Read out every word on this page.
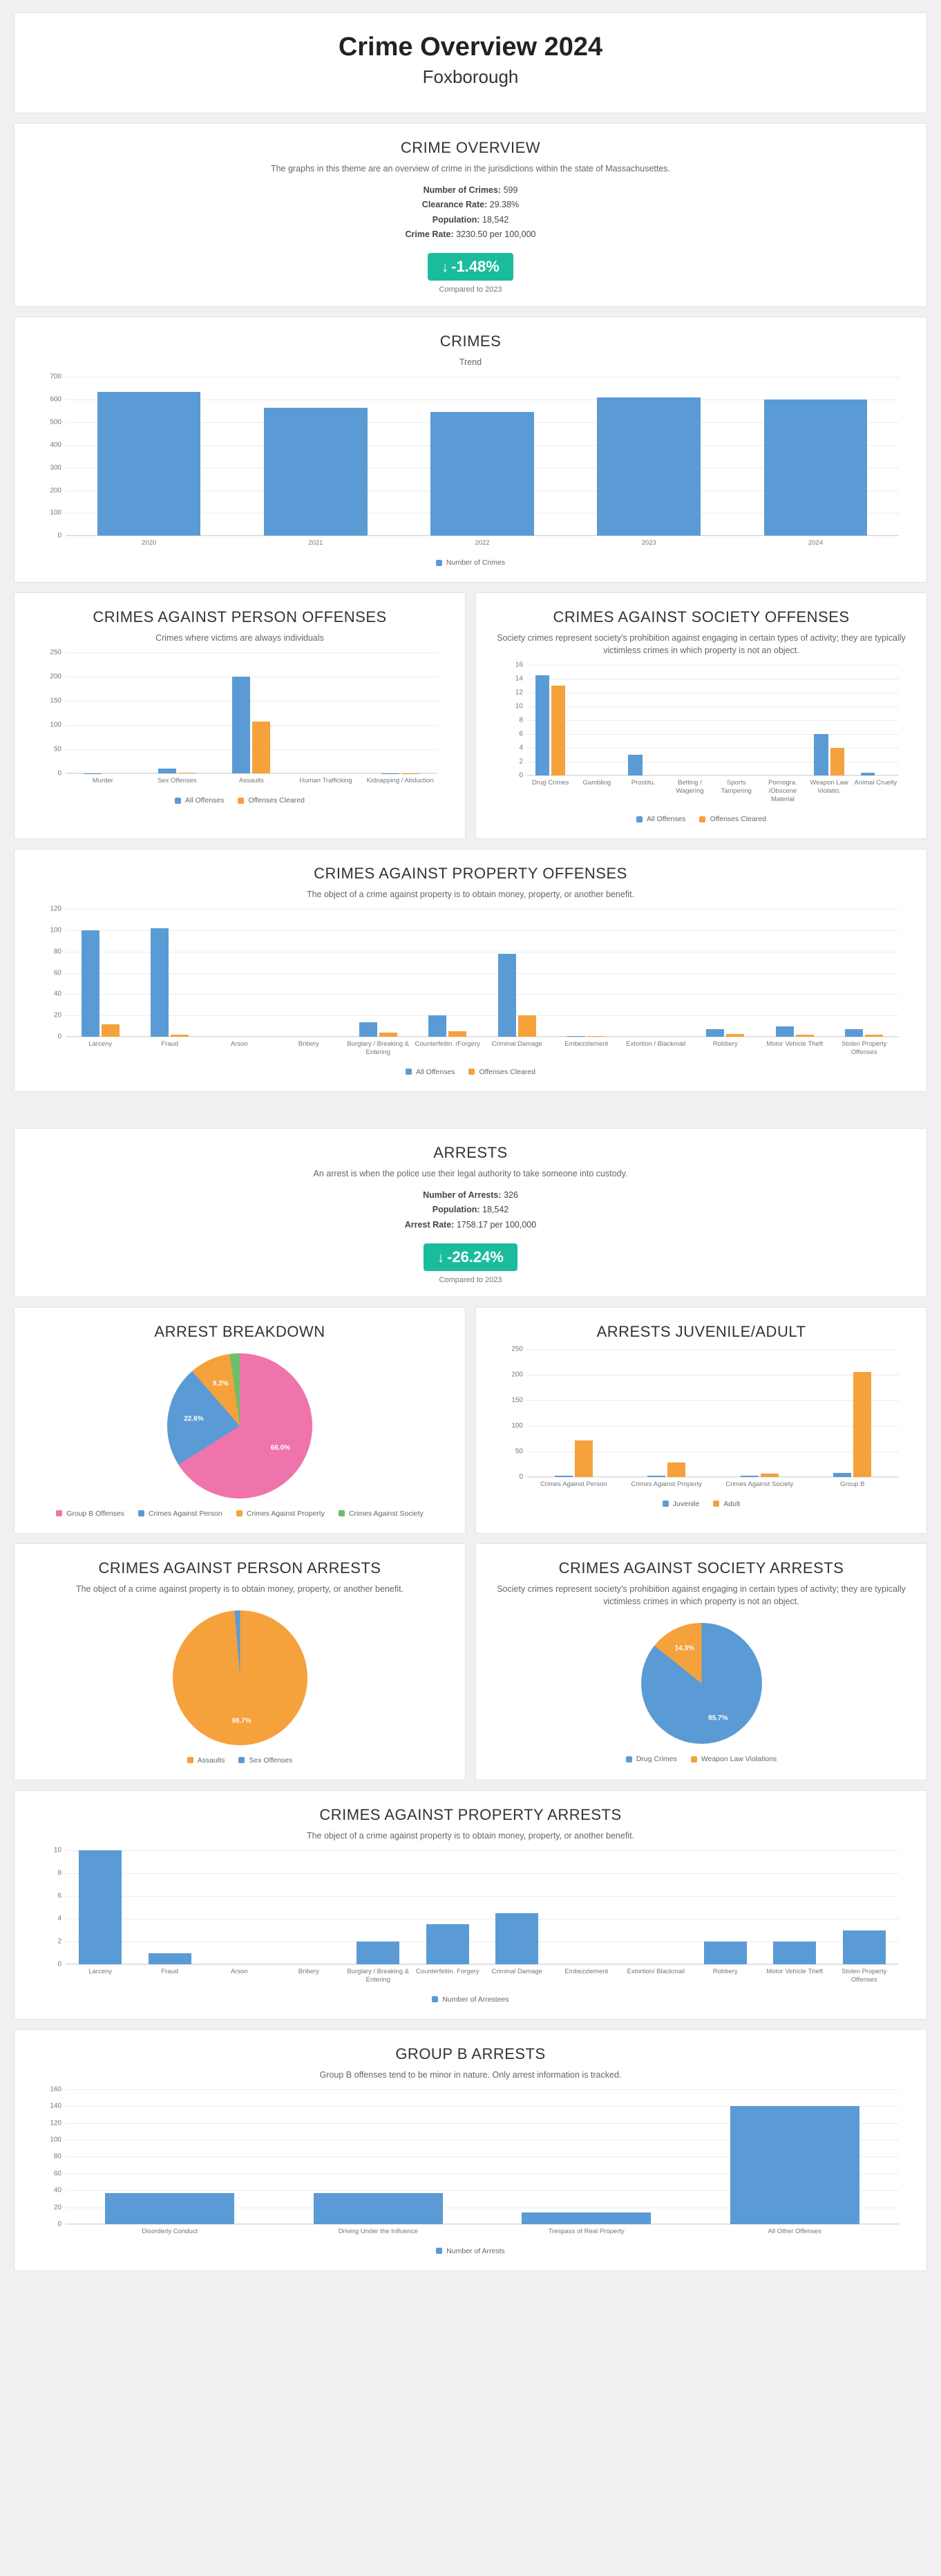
Crime Overview 2024
Foxborough
CRIME OVERVIEW
The graphs in this theme are an overview of crime in the jurisdictions within the state of Massachusettes.
Number of Crimes: 599
Clearance Rate: 29.38%
Population: 18,542
Crime Rate: 3230.50 per 100,000
↓ -1.48%
Compared to 2023
CRIMES
Trend
0
100
200
300
400
500
600
700
2020	2021	2022	2023	2024
Number of Crimes
CRIMES AGAINST PERSON OFFENSES
Crimes where victims are always individuals
0
50
100
150
200
250
Murder	Sex Offenses	Assaults	Human Trafficking	Kidnapping / Abduction
All Offenses	Offenses Cleared
CRIMES AGAINST SOCIETY OFFENSES
Society crimes represent society's prohibition against engaging in certain types of activity; they are typically victimless crimes in which property is not an object.
0
2
4
6
8
10
12
14
16
Drug Crimes	Gambling	Prostitu.	Betting / Wagering
Sports Tampering
Pornogra. /Obscene Material
Weapon Law Violatio.
Animal Cruelty
All Offenses	Offenses Cleared
CRIMES AGAINST PROPERTY OFFENSES
The object of a crime against property is to obtain money, property, or another benefit.
0
20
40
60
80
100
120
Larceny	Fraud	Arson	Bribery	Burglary / Breaking & Entering
Counterfeitin. /Forgery	Criminal Damage	Embezzlement	Extortion / Blackmail	Robbery	Motor Vehicle Theft	Stolen Property Offenses
All Offenses	Offenses Cleared
ARRESTS
An arrest is when the police use their legal authority to take someone into custody.
Number of Arrests: 326
Population: 18,542
Arrest Rate: 1758.17 per 100,000
↓ -26.24%
Compared to 2023
ARREST BREAKDOWN
66.0%
22.6%
9.2%
Group B Offenses	Crimes Against Person	Crimes Against Property	Crimes Against Society
ARRESTS JUVENILE/ADULT
0
50
100
150
200
250
Crimes Against Person	Crimes Against Property	Crimes Against Society	Group B
Juvenile	Adult
CRIMES AGAINST PERSON ARRESTS
The object of a crime against property is to obtain money, property, or another benefit.
98.7%
Assaults	Sex Offenses
CRIMES AGAINST SOCIETY ARRESTS
Society crimes represent society's prohibition against engaging in certain types of activity; they are typically victimless crimes in which property is not an object.
85.7%
14.3%
Drug Crimes	Weapon Law Violations
CRIMES AGAINST PROPERTY ARRESTS
The object of a crime against property is to obtain money, property, or another benefit.
0
2
4
6
8
10
Larceny	Fraud	Arson	Bribery	Burglary / Breaking & Entering
Counterfeitin. Forgery	Criminal Damage	Embezzlement	Extortion/ Blackmail	Robbery	Motor Vehicle Theft	Stolen Property Offenses
Number of Arrestees
GROUP B ARRESTS
Group B offenses tend to be minor in nature. Only arrest information is tracked.
0
20
40
60
80
100
120
140
160
Disorderly Conduct	Driving Under the Influence	Trespass of Real Property	All Other Offenses
Number of Arrests
